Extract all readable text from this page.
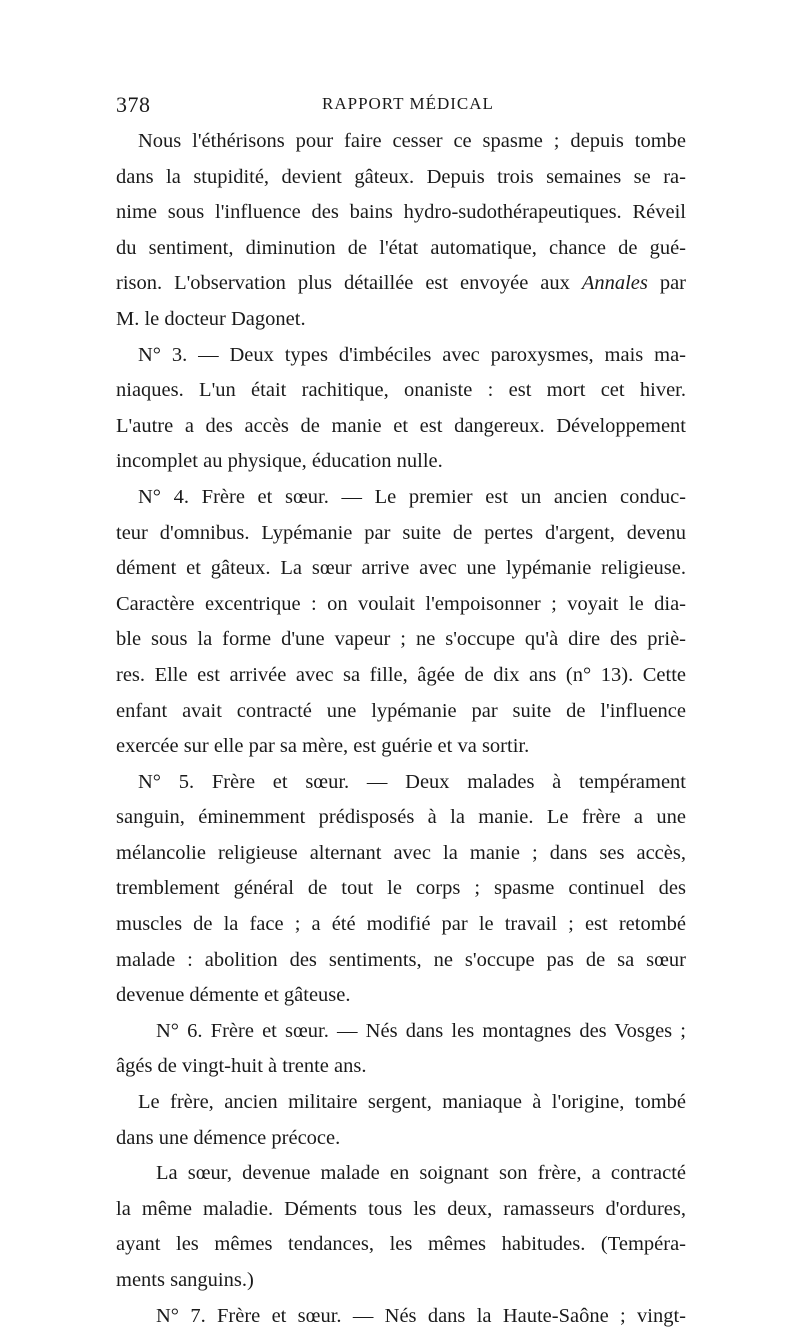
378	RAPPORT MÉDICAL
Nous l'éthérisons pour faire cesser ce spasme ; depuis tombe
dans la stupidité, devient gâteux. Depuis trois semaines se ra-
nime sous l'influence des bains hydro-sudothérapeutiques. Réveil
du sentiment, diminution de l'état automatique, chance de gué-
rison. L'observation plus détaillée est envoyée aux Annales par
M. le docteur Dagonet.
N° 3. — Deux types d'imbéciles avec paroxysmes, mais ma-
niaques. L'un était rachitique, onaniste : est mort cet hiver.
L'autre a des accès de manie et est dangereux. Développement
incomplet au physique, éducation nulle.
N° 4. Frère et sœur. — Le premier est un ancien conduc-
teur d'omnibus. Lypémanie par suite de pertes d'argent, devenu
dément et gâteux. La sœur arrive avec une lypémanie religieuse.
Caractère excentrique : on voulait l'empoisonner ; voyait le dia-
ble sous la forme d'une vapeur ; ne s'occupe qu'à dire des priè-
res. Elle est arrivée avec sa fille, âgée de dix ans (n° 13). Cette
enfant avait contracté une lypémanie par suite de l'influence
exercée sur elle par sa mère, est guérie et va sortir.
N° 5. Frère et sœur. — Deux malades à tempérament
sanguin, éminemment prédisposés à la manie. Le frère a une
mélancolie religieuse alternant avec la manie ; dans ses accès,
tremblement général de tout le corps ; spasme continuel des
muscles de la face ; a été modifié par le travail ; est retombé
malade : abolition des sentiments, ne s'occupe pas de sa sœur
devenue démente et gâteuse.
N° 6. Frère et sœur. — Nés dans les montagnes des Vosges ;
âgés de vingt-huit à trente ans.
Le frère, ancien militaire sergent, maniaque à l'origine, tombé
dans une démence précoce.
La sœur, devenue malade en soignant son frère, a contracté
la même maladie. Déments tous les deux, ramasseurs d'ordures,
ayant les mêmes tendances, les mêmes habitudes. (Tempéra-
ments sanguins.)
N° 7. Frère et sœur. — Nés dans la Haute-Saône ; vingt-
